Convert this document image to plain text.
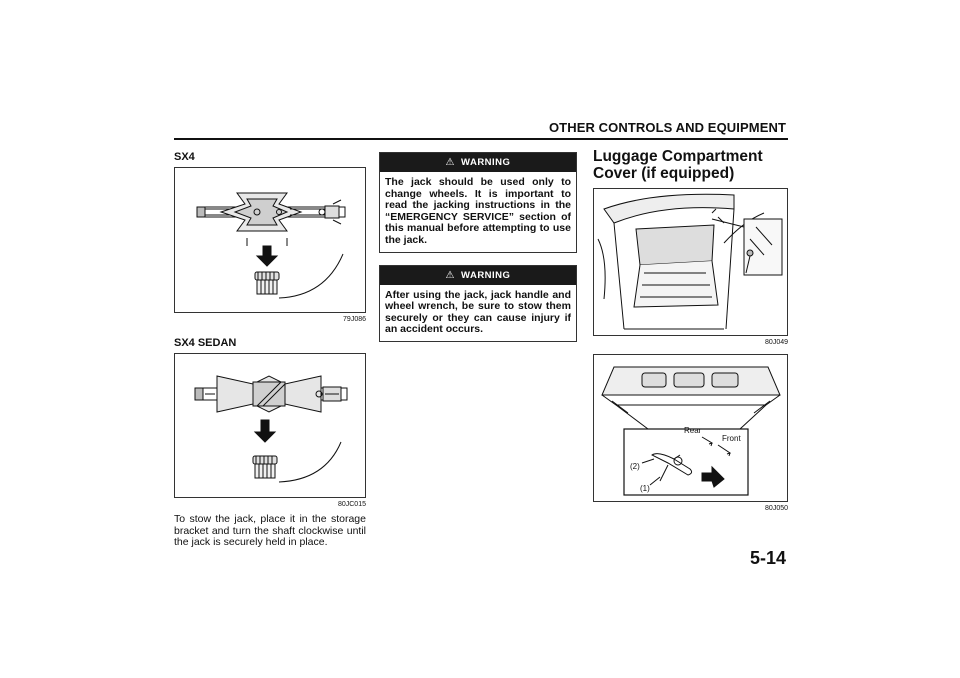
OTHER CONTROLS AND EQUIPMENT
SX4
79J086
SX4 SEDAN
80JC015

To stow the jack, place it in the storage bracket and turn the shaft clockwise until the jack is securely held in place.

⚠ WARNING

The jack should be used only to change wheels. It is important to read the jacking instructions in the “EMERGENCY SERVICE” section of this manual before attempting to use the jack.

⚠ WARNING

After using the jack, jack handle and wheel wrench, be sure to stow them securely or they can cause injury if an accident occurs.

Luggage Compartment Cover (if equipped)
80J049
Rear
Front
(2)
(1)
80J050
5-14
